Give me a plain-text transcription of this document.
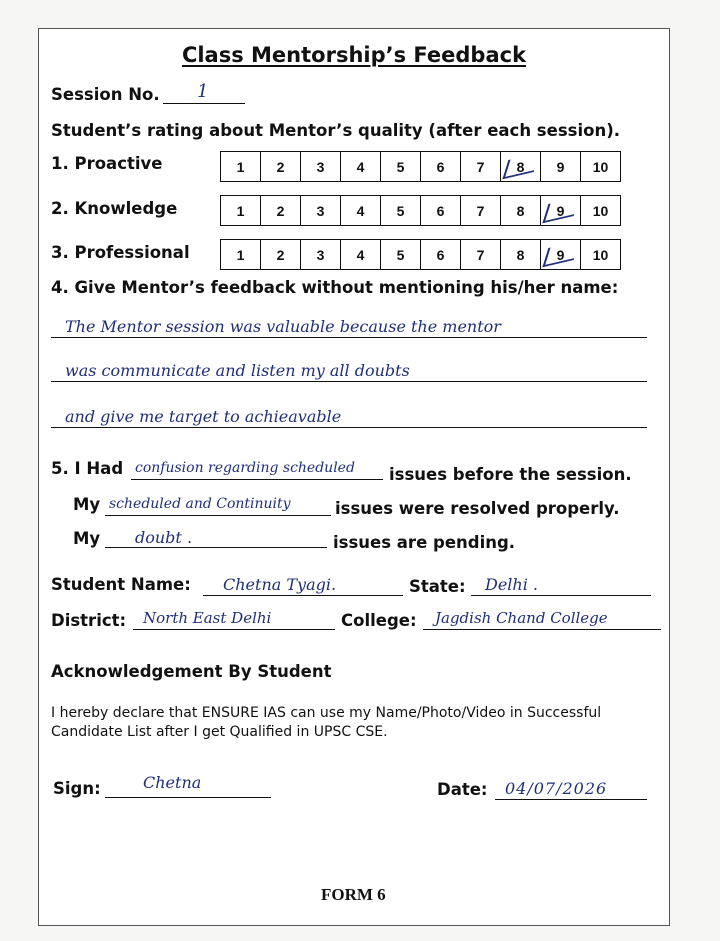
Class Mentorship’s Feedback
Session No. 1
Student’s rating about Mentor’s quality (after each session).
1. Proactive	1	2	3	4	5	6	7	8	9	10
2. Knowledge	1	2	3	4	5	6	7	8	9	10
3. Professional	1	2	3	4	5	6	7	8	9	10
4. Give Mentor’s feedback without mentioning his/her name:
The Mentor session was valuable because the mentor
was communicate and listen my all doubts
and give me target to achieavable
5. I Had confusion regarding scheduled issues before the session.
My scheduled and Continuity	issues were resolved properly.
My doubt .	issues are pending.
Student Name: Chetna Tyagi.	State: Delhi .
District: North East Delhi	College: Jagdish Chand College
Acknowledgement By Student
I hereby declare that ENSURE IAS can use my Name/Photo/Video in Successful Candidate List after I get Qualified in UPSC CSE.
Sign:	Chetna	Date: 04/07/2026
FORM 6
